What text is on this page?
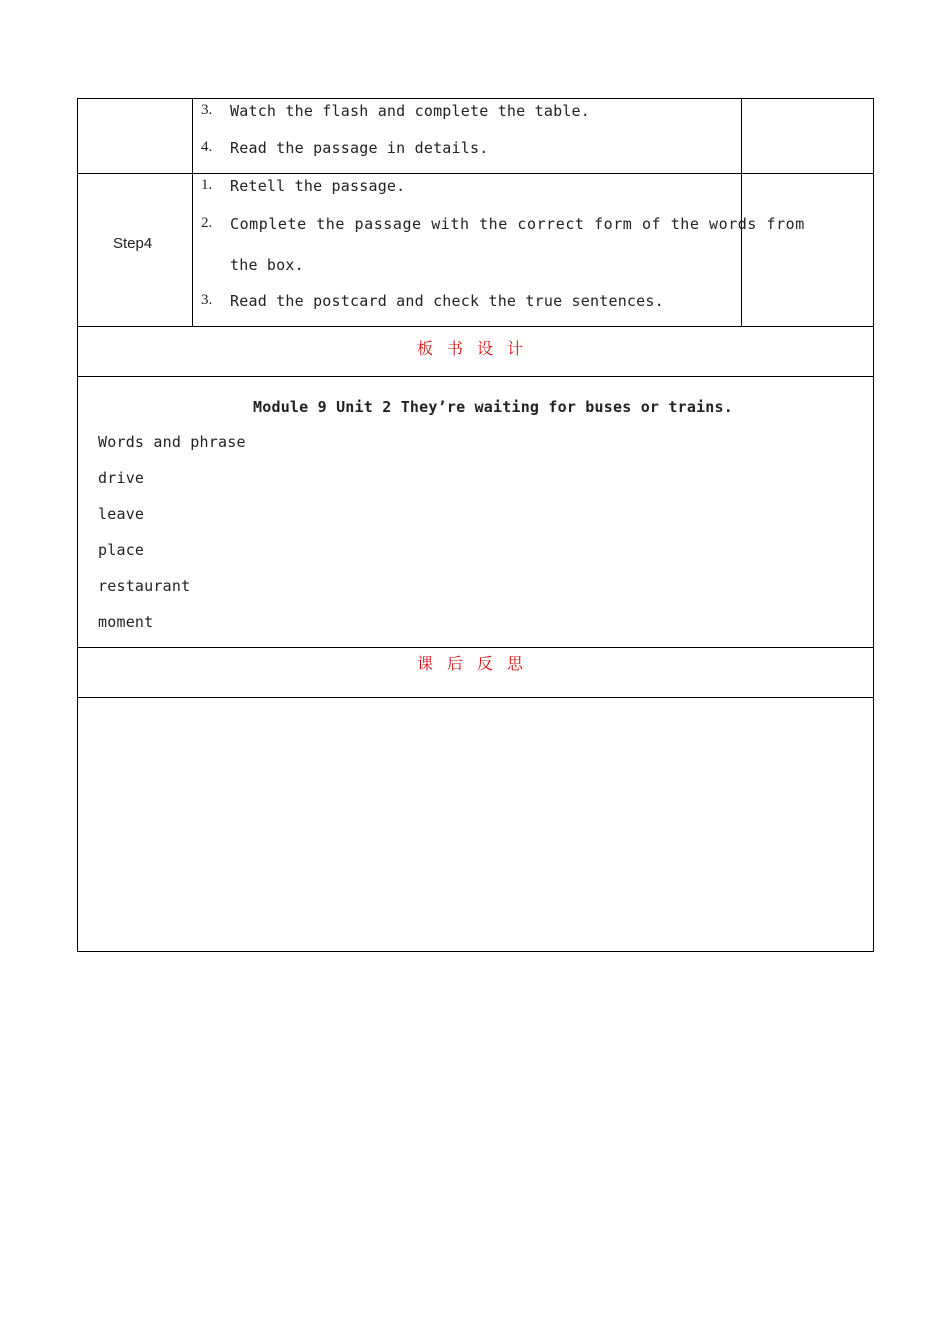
3. Watch the flash and complete the table.
4. Read the passage in details.
Step4
1. Retell the passage.
2. Complete the passage with the correct form of the words from
the box.
3. Read the postcard and check the true sentences.
板书设计
Module 9 Unit 2 They’re waiting for buses or trains.
Words and phrase
drive
leave
place
restaurant
moment
课后反思
